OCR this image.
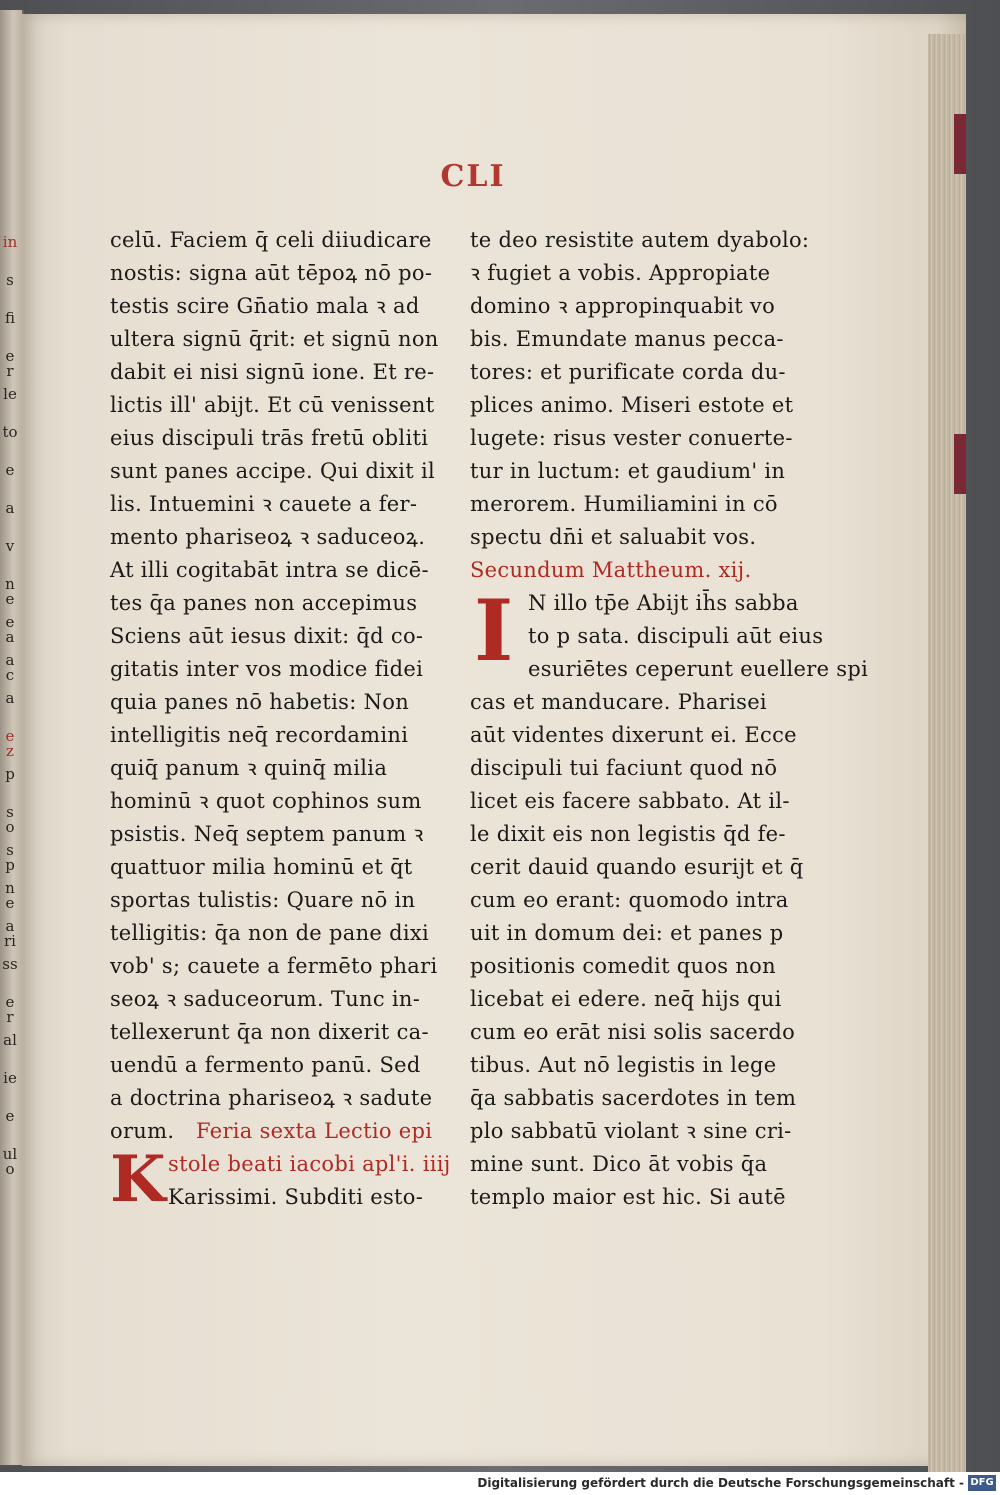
in
s
fi
er
le
to
e
a
v
ne
ea
ac
a
ez
p
so
sp
ne
ari
ss
er
al
ie
e
ulo
CLI
celū. Faciem q̄ celi diiudicare
nostis: signa aūt tēpoꝝ nō po-
testis scire Gn̄atio mala ꝛ ad
ultera signū q̄rit: et signū non
dabit ei nisi signū ione. Et re-
lictis ill' abijt. Et cū venissent
eius discipuli trās fretū obliti
sunt panes accipe. Qui dixit il
lis. Intuemini ꝛ cauete a fer-
mento phariseoꝝ ꝛ saduceoꝝ.
At illi cogitabāt intra se dicē-
tes q̄a panes non accepimus
Sciens aūt iesus dixit: q̄d co-
gitatis inter vos modice fidei
quia panes nō habetis: Non
intelligitis neq̄ recordamini
quiq̄ panum ꝛ quinq̄ milia
hominū ꝛ quot cophinos sum
psistis. Neq̄ septem panum ꝛ
quattuor milia hominū et q̄t
sportas tulistis: Quare nō in
telligitis: q̄a non de pane dixi
vob' s; cauete a fermēto phari
seoꝝ ꝛ saduceorum. Tunc in-
tellexerunt q̄a non dixerit ca-
uendū a fermento panū. Sed
a doctrina phariseoꝝ ꝛ sadute
orum.	Feria sexta Lectio epi
K stole beati iacobi apl'i. iiij
Karissimi. Subditi esto-
te deo resistite autem dyabolo:
ꝛ fugiet a vobis. Appropiate
domino ꝛ appropinquabit vo
bis. Emundate manus pecca-
tores: et purificate corda du-
plices animo. Miseri estote et
lugete: risus vester conuerte-
tur in luctum: et gaudium' in
merorem. Humiliamini in cō
spectu dn̄i et saluabit vos.
Secundum Mattheum. xij.
I N illo tp̄e Abijt ih̄s sabba
to p sata. discipuli aūt eius
esuriētes ceperunt euellere spi
cas et manducare. Pharisei
aūt videntes dixerunt ei. Ecce
discipuli tui faciunt quod nō
licet eis facere sabbato. At il-
le dixit eis non legistis q̄d fe-
cerit dauid quando esurijt et q̄
cum eo erant: quomodo intra
uit in domum dei: et panes p
positionis comedit quos non
licebat ei edere. neq̄ hijs qui
cum eo erāt nisi solis sacerdo
tibus. Aut nō legistis in lege
q̄a sabbatis sacerdotes in tem
plo sabbatū violant ꝛ sine cri-
mine sunt. Dico āt vobis q̄a
templo maior est hic. Si autē
Digitalisierung gefördert durch die Deutsche Forschungsgemeinschaft - DFG
